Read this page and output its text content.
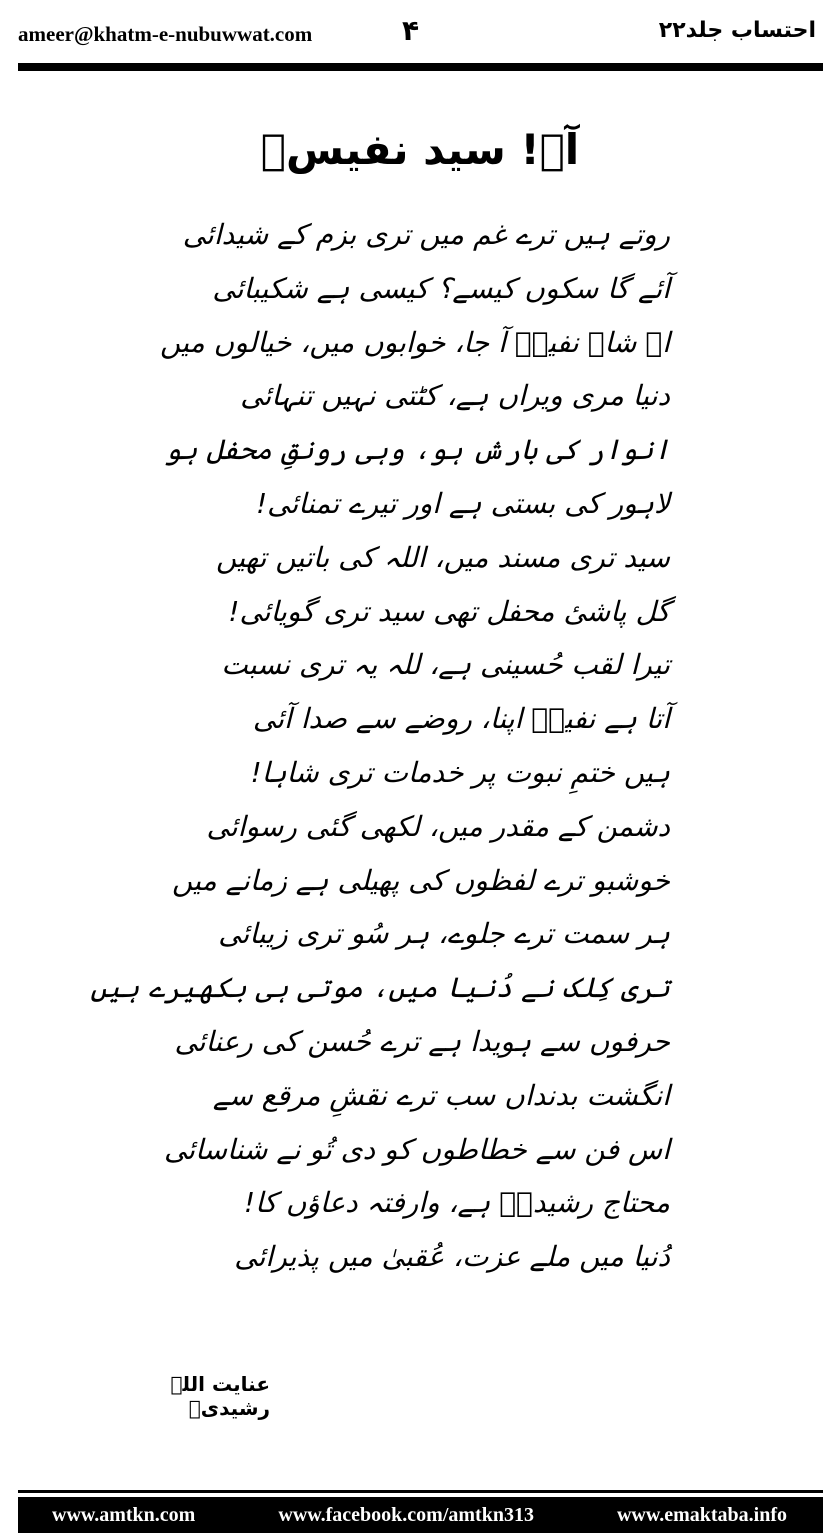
ameer@khatm-e-nubuwwat.com	۴	احتساب جلد۲۲
آہ! سید نفیسؒ
روتے ہیں ترے غم میں تری بزم کے شیدائی
آئے گا سکوں کیسے؟ کیسی ہے شکیبائی
اے شاہ نفیسؒ آ جا، خوابوں میں، خیالوں میں
دنیا مری ویراں ہے، کٹتی نہیں تنہائی
انوار کی بارش ہو، وہی رونقِ محفل ہو
لاہور کی بستی ہے اور تیرے تمنائی!
سید تری مسند میں، اللہ کی باتیں تھیں
گل پاشیٔ محفل تھی سید تری گویائی!
تیرا لقب حُسینی ہے، للہ یہ تری نسبت
آتا ہے نفیسؒ اپنا، روضے سے صدا آئی
ہیں ختمِ نبوت پر خدمات تری شاہا!
دشمن کے مقدر میں، لکھی گئی رسوائی
خوشبو ترے لفظوں کی پھیلی ہے زمانے میں
ہر سمت ترے جلوے، ہر سُو تری زیبائی
تری کِلک نے دُنیا میں، موتی ہی بکھیرے ہیں
حرفوں سے ہویدا ہے ترے حُسن کی رعنائی
انگشت بدنداں سب ترے نقشِ مرقع سے
اس فن سے خطاطوں کو دی تُو نے شناسائی
محتاج رشیدیؔ ہے، وارفتہ دعاؤں کا!
دُنیا میں ملے عزت، عُقبیٰ میں پذیرائی
عنایت اللہ رشیدیؔ
www.amtkn.com	www.facebook.com/amtkn313	www.emaktaba.info
